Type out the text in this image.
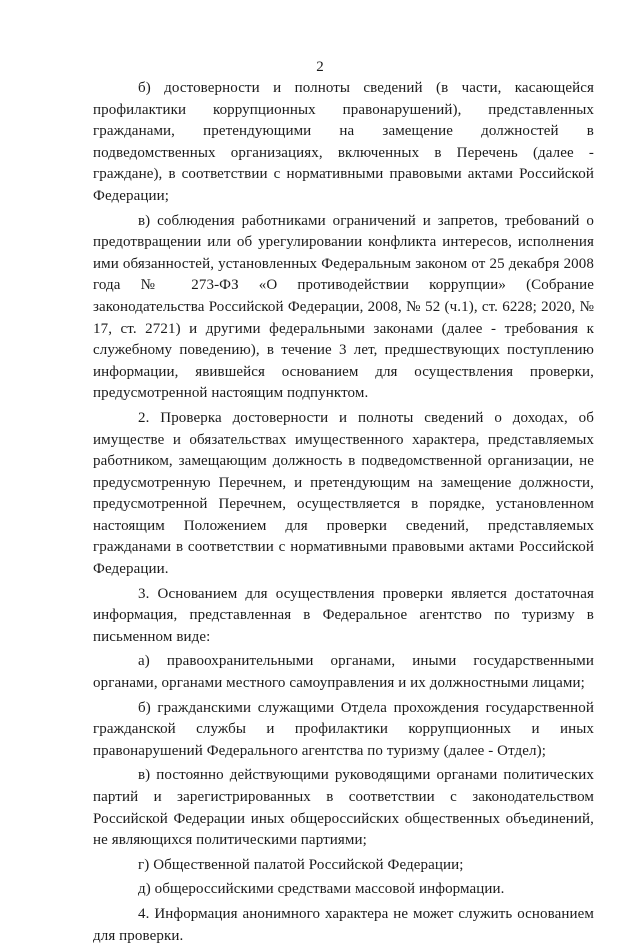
2

б) достоверности и полноты сведений (в части, касающейся профилактики коррупционных правонарушений), представленных гражданами, претендующими на замещение должностей в подведомственных организациях, включенных в Перечень (далее - граждане), в соответствии с нормативными правовыми актами Российской Федерации;

в) соблюдения работниками ограничений и запретов, требований о предотвращении или об урегулировании конфликта интересов, исполнения ими обязанностей, установленных Федеральным законом от 25 декабря 2008 года № 273-ФЗ «О противодействии коррупции» (Собрание законодательства Российской Федерации, 2008, № 52 (ч.1), ст. 6228; 2020, № 17, ст. 2721) и другими федеральными законами (далее - требования к служебному поведению), в течение 3 лет, предшествующих поступлению информации, явившейся основанием для осуществления проверки, предусмотренной настоящим подпунктом.

2. Проверка достоверности и полноты сведений о доходах, об имуществе и обязательствах имущественного характера, представляемых работником, замещающим должность в подведомственной организации, не предусмотренную Перечнем, и претендующим на замещение должности, предусмотренной Перечнем, осуществляется в порядке, установленном настоящим Положением для проверки сведений, представляемых гражданами в соответствии с нормативными правовыми актами Российской Федерации.

3. Основанием для осуществления проверки является достаточная информация, представленная в Федеральное агентство по туризму в письменном виде:

а) правоохранительными органами, иными государственными органами, органами местного самоуправления и их должностными лицами;

б) гражданскими служащими Отдела прохождения государственной гражданской службы и профилактики коррупционных и иных правонарушений Федерального агентства по туризму (далее - Отдел);

в) постоянно действующими руководящими органами политических партий и зарегистрированных в соответствии с законодательством Российской Федерации иных общероссийских общественных объединений, не являющихся политическими партиями;

г) Общественной палатой Российской Федерации;

д) общероссийскими средствами массовой информации.

4. Информация анонимного характера не может служить основанием для проверки.
